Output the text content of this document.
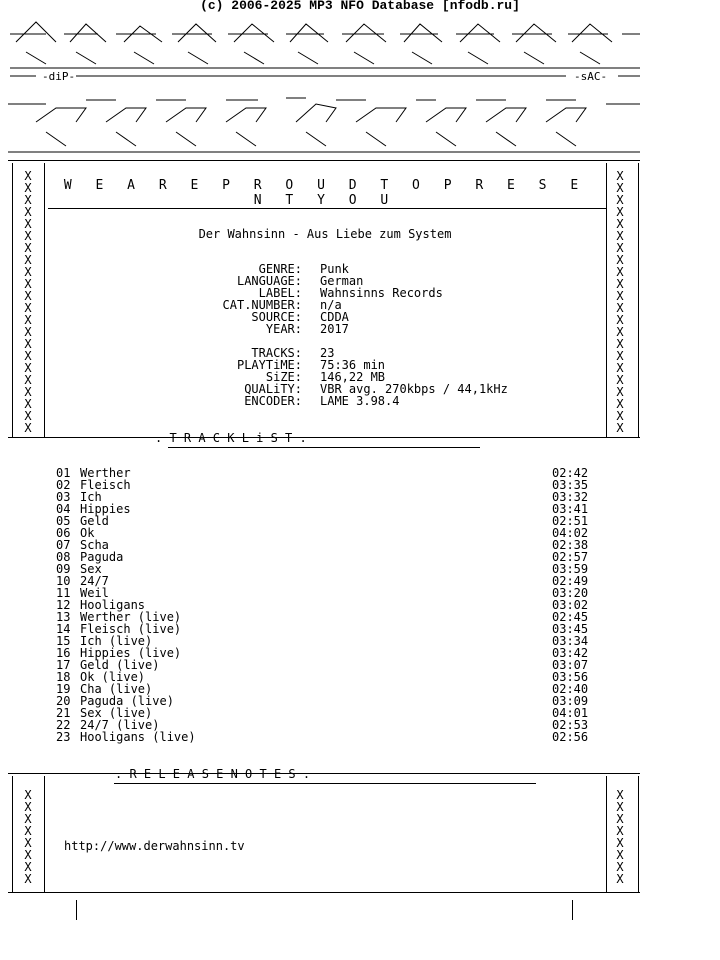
(c) 2006-2025 MP3 NFO Database [nfodb.ru]
-diP-	-sAC-
X
X
X
X
X
X
X
X
X
X
X
X
X
X
X
X
X
X
X
X
X
X
X
X
X
X
X
X
X
X
X
X
X
X
X
X
X
X
X
X
X
X
X
X
W E A R E P R O U D T O P R E S E N T Y O U
Der Wahnsinn - Aus Liebe zum System
GENRE: Punk
LANGUAGE: German
LABEL: Wahnsinns Records
CAT.NUMBER: n/a
SOURCE: CDDA
YEAR: 2017
TRACKS: 23
PLAYTiME: 75:36 min
SiZE: 146,22 MB
QUALiTY: VBR avg. 270kbps / 44,1kHz
ENCODER: LAME 3.98.4
. T R A C K L i S T .
01 Werther	02:42
02 Fleisch	03:35
03 Ich	03:32
04 Hippies	03:41
05 Geld	02:51
06 Ok	04:02
07 Scha	02:38
08 Paguda	02:57
09 Sex	03:59
10 24/7	02:49
11 Weil	03:20
12 Hooligans	03:02
13 Werther (live)	02:45
14 Fleisch (live)	03:45
15 Ich (live)	03:34
16 Hippies (live)	03:42
17 Geld (live)	03:07
18 Ok (live)	03:56
19 Cha (live)	02:40
20 Paguda (live)	03:09
21 Sex (live)	04:01
22 24/7 (live)	02:53
23 Hooligans (live)	02:56
. R E L E A S E N O T E S .
X
X
X
X
X
X
X
X
X
X
X
X
X
X
X
X
http://www.derwahnsinn.tv
